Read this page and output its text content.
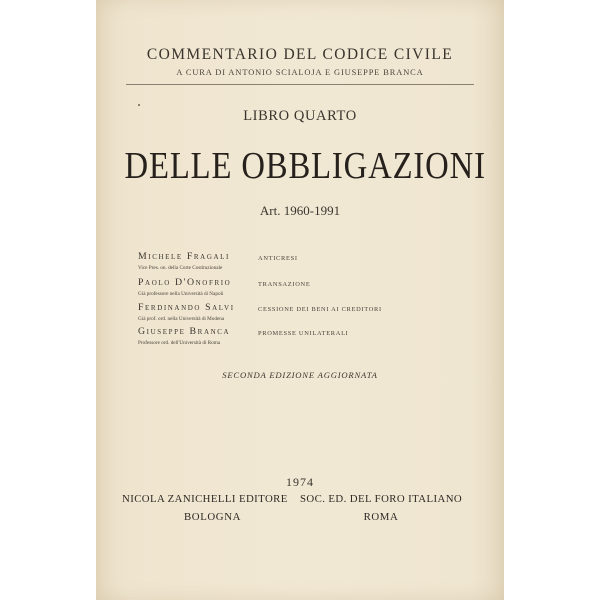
COMMENTARIO DEL CODICE CIVILE
A CURA DI ANTONIO SCIALOJA E GIUSEPPE BRANCA
LIBRO QUARTO
DELLE OBBLIGAZIONI
Art. 1960-1991
Michele Fragali
Vice Pres. on. della Corte Costituzionale
ANTICRESI
Paolo D'Onofrio
Già professore nella Università di Napoli
TRANSAZIONE
Ferdinando Salvi
Già prof. ord. nella Università di Modena
CESSIONE DEI BENI AI CREDITORI
Giuseppe Branca
Professore ord. dell'Università di Roma
PROMESSE UNILATERALI
SECONDA EDIZIONE AGGIORNATA
1974
NICOLA ZANICHELLI EDITORE SOC. ED. DEL FORO ITALIANO
BOLOGNA	ROMA
